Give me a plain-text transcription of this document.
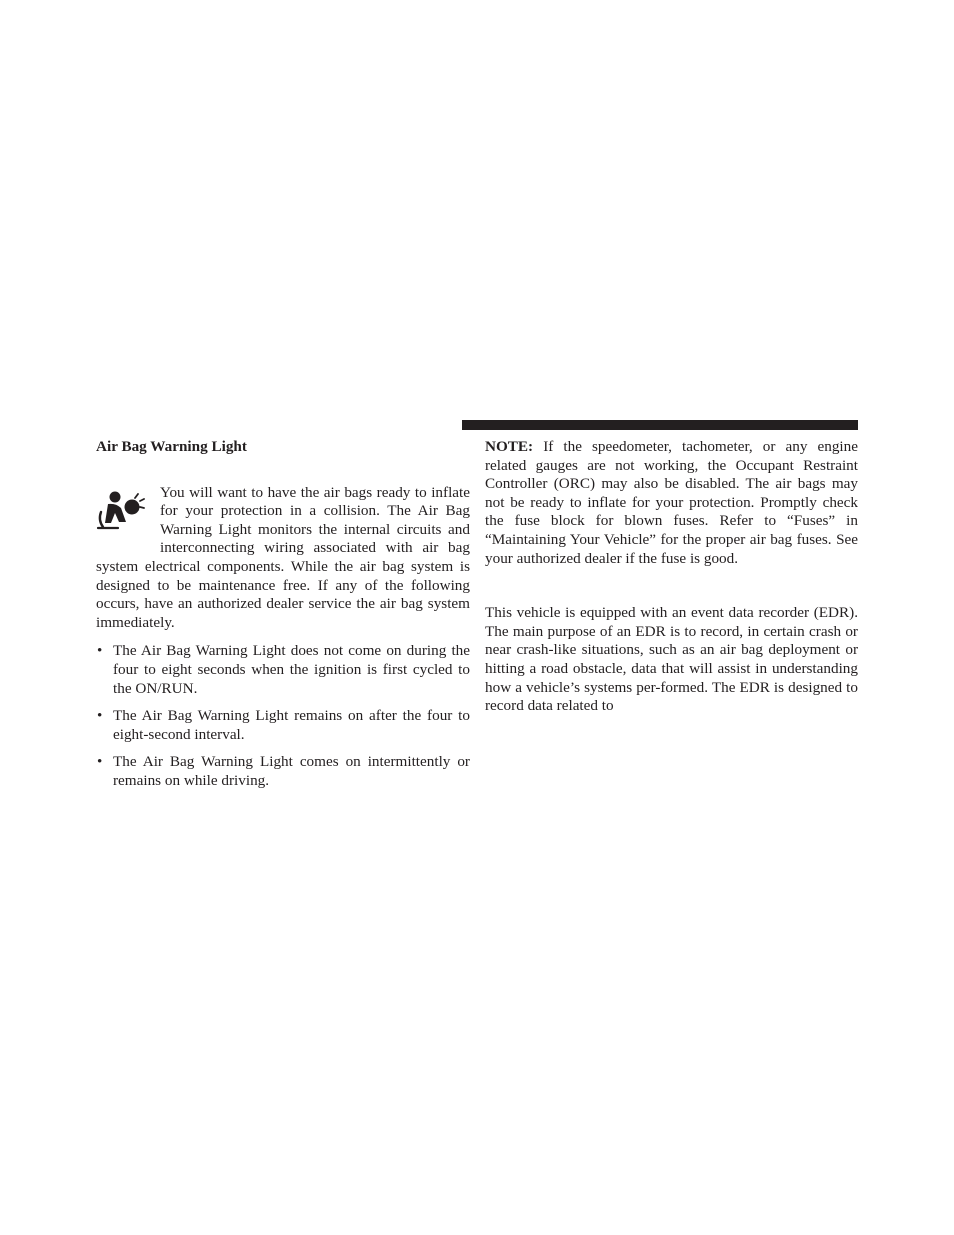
Air Bag Warning Light

You will want to have the air bags ready to inflate for your protection in a collision. The Air Bag Warning Light monitors the internal circuits and interconnecting wiring associated with air bag system electrical components. While the air bag system is designed to be maintenance free. If any of the following occurs, have an authorized dealer service the air bag system immediately.

• The Air Bag Warning Light does not come on during the four to eight seconds when the ignition is first cycled to the ON/RUN.
• The Air Bag Warning Light remains on after the four to eight-second interval.
• The Air Bag Warning Light comes on intermittently or remains on while driving.

NOTE: If the speedometer, tachometer, or any engine related gauges are not working, the Occupant Restraint Controller (ORC) may also be disabled. The air bags may not be ready to inflate for your protection. Promptly check the fuse block for blown fuses. Refer to “Fuses” in “Maintaining Your Vehicle” for the proper air bag fuses. See your authorized dealer if the fuse is good.

This vehicle is equipped with an event data recorder (EDR). The main purpose of an EDR is to record, in certain crash or near crash-like situations, such as an air bag deployment or hitting a road obstacle, data that will assist in understanding how a vehicle’s systems per-formed. The EDR is designed to record data related to
